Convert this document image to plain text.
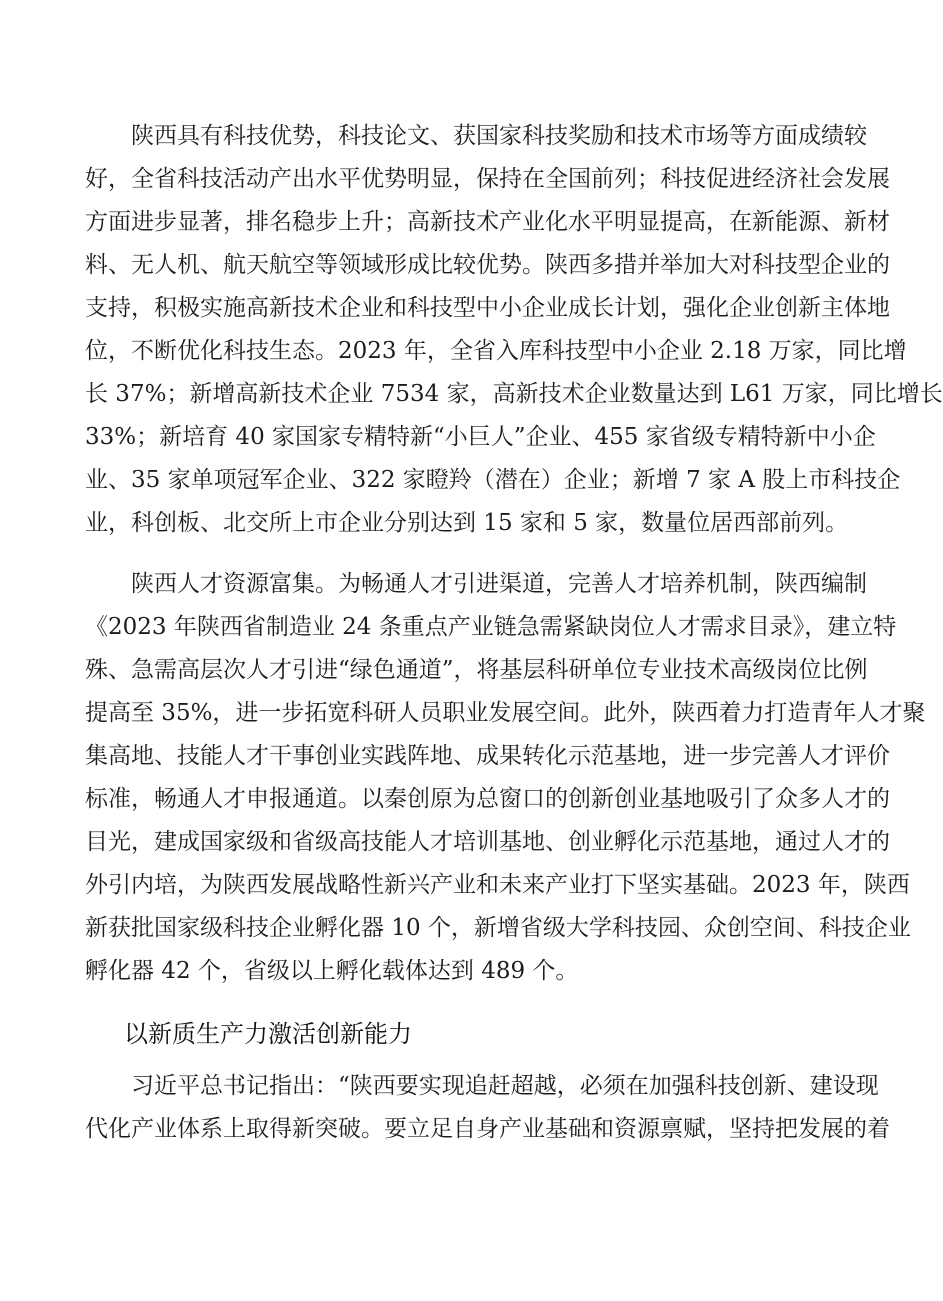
陕西具有科技优势，科技论文、获国家科技奖励和技术市场等方面成绩较
好，全省科技活动产出水平优势明显，保持在全国前列；科技促进经济社会发展
方面进步显著，排名稳步上升；高新技术产业化水平明显提高，在新能源、新材
料、无人机、航天航空等领域形成比较优势。陕西多措并举加大对科技型企业的
支持，积极实施高新技术企业和科技型中小企业成长计划，强化企业创新主体地
位，不断优化科技生态。2023 年，全省入库科技型中小企业 2.18 万家，同比增
长 37%；新增高新技术企业 7534 家，高新技术企业数量达到 L61 万家，同比增长
33%；新培育 40 家国家专精特新“小巨人”企业、455 家省级专精特新中小企
业、35 家单项冠军企业、322 家瞪羚（潜在）企业；新增 7 家 A 股上市科技企
业，科创板、北交所上市企业分别达到 15 家和 5 家，数量位居西部前列。
陕西人才资源富集。为畅通人才引进渠道，完善人才培养机制，陕西编制
《2023 年陕西省制造业 24 条重点产业链急需紧缺岗位人才需求目录》，建立特
殊、急需高层次人才引进“绿色通道”，将基层科研单位专业技术高级岗位比例
提高至 35%，进一步拓宽科研人员职业发展空间。此外，陕西着力打造青年人才聚
集高地、技能人才干事创业实践阵地、成果转化示范基地，进一步完善人才评价
标准，畅通人才申报通道。以秦创原为总窗口的创新创业基地吸引了众多人才的
目光，建成国家级和省级高技能人才培训基地、创业孵化示范基地，通过人才的
外引内培，为陕西发展战略性新兴产业和未来产业打下坚实基础。2023 年，陕西
新获批国家级科技企业孵化器 10 个，新增省级大学科技园、众创空间、科技企业
孵化器 42 个，省级以上孵化载体达到 489 个。
以新质生产力激活创新能力
习近平总书记指出：“陕西要实现追赶超越，必须在加强科技创新、建设现
代化产业体系上取得新突破。要立足自身产业基础和资源禀赋，坚持把发展的着
